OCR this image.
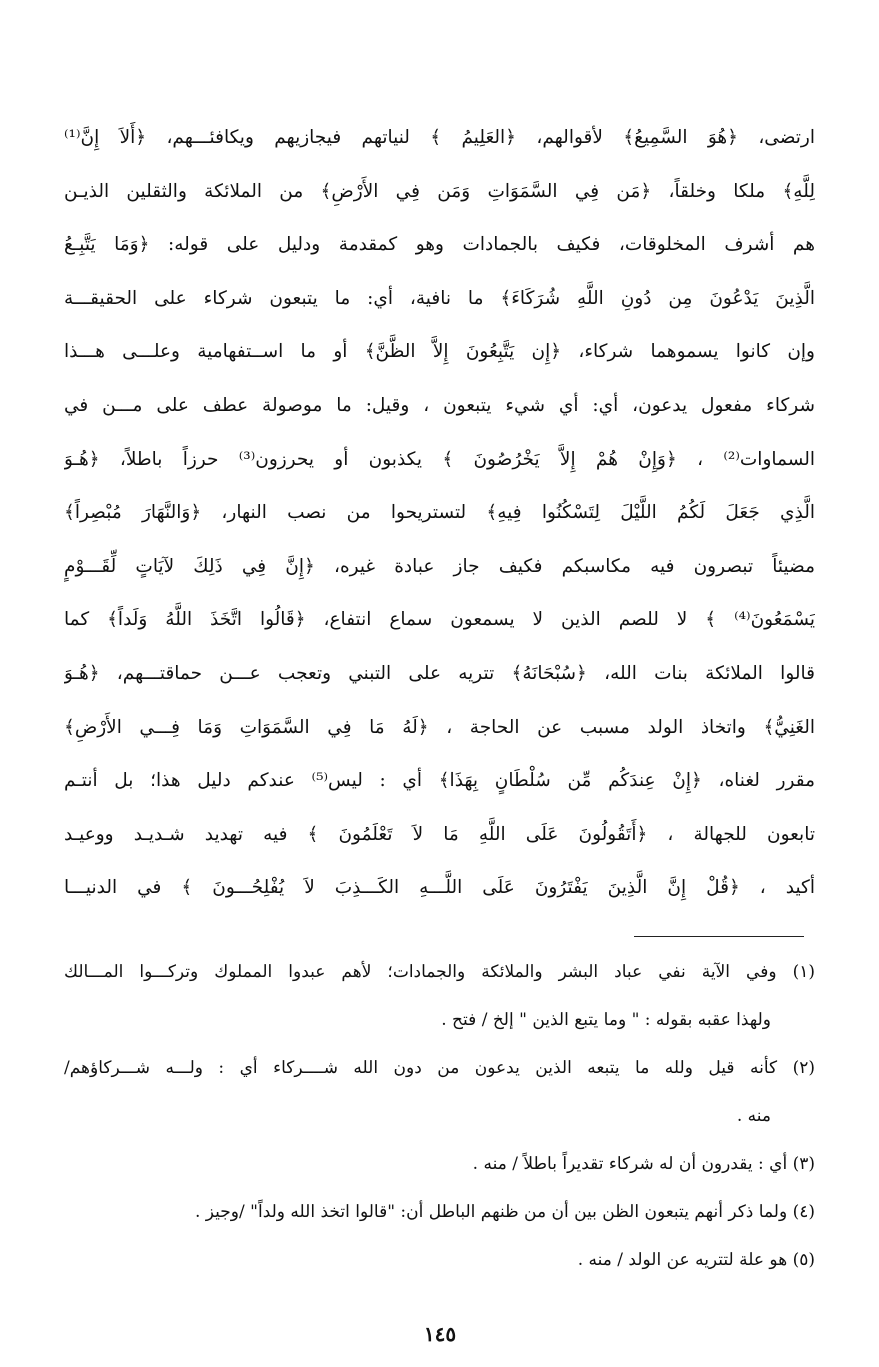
ارتضى، ﴿هُوَ السَّمِيعُ﴾ لأقوالهم، ﴿العَلِيمُ ﴾ لنياتهم فيجازيهم ويكافئـــهم، ﴿أَلاَ إِنَّ⁽¹⁾
لِلَّهِ﴾ ملكا وخلقاً، ﴿مَن فِي السَّمَوَاتِ وَمَن فِي الأَرْضِ﴾ من الملائكة والثقلين الذيـن
هم أشرف المخلوقات، فكيف بالجمادات وهو كمقدمة ودليل على قوله: ﴿وَمَا يَتَّبِـعُ
الَّذِينَ يَدْعُونَ مِن دُونِ اللَّهِ شُرَكَاءَ﴾ ما نافية، أي: ما يتبعون شركاء على الحقيقـــة
وإن كانوا يسموهما شركاء، ﴿إِن يَتَّبِعُونَ إِلاَّ الظَّنَّ﴾ أو ما اســتفهامية وعلـــى هـــذا
شركاء مفعول يدعون، أي: أي شيء يتبعون ، وقيل: ما موصولة عطف على مـــن في
السماوات⁽²⁾ ، ﴿وَإِنْ هُمْ إِلاَّ يَخْرُصُونَ ﴾ يكذبون أو يحرزون⁽³⁾ حرزاً باطلاً، ﴿هُـوَ
الَّذِي جَعَلَ لَكُمُ اللَّيْلَ لِتَسْكُنُوا فِيهِ﴾ لتستريحوا من نصب النهار، ﴿وَالنَّهَارَ مُبْصِراً﴾
مضيئاً تبصرون فيه مكاسبكم فكيف جاز عبادة غيره، ﴿إِنَّ فِي ذَلِكَ لآيَاتٍ لِّقَـــوْمٍ
يَسْمَعُونَ⁽⁴⁾ ﴾ لا للصم الذين لا يسمعون سماع انتفاع، ﴿قَالُوا اتَّخَذَ اللَّهُ وَلَداً﴾ كما
قالوا الملائكة بنات الله، ﴿سُبْحَانَهُ﴾ تتريه على التبني وتعجب عـــن حماقتـــهم، ﴿هُـوَ
الغَنِيُّ﴾ واتخاذ الولد مسبب عن الحاجة ، ﴿لَهُ مَا فِي السَّمَوَاتِ وَمَا فِـــي الأَرْضِ﴾
مقرر لغناه، ﴿إِنْ عِندَكُم مِّن سُلْطَانٍ بِهَذَا﴾ أي : ليس⁽⁵⁾ عندكم دليل هذا؛ بل أنتـم
تابعون للجهالة ، ﴿أَتَقُولُونَ عَلَى اللَّهِ مَا لاَ تَعْلَمُونَ ﴾ فيه تهديد شـديـد ووعيـد
أكيد ، ﴿قُلْ إِنَّ الَّذِينَ يَفْتَرُونَ عَلَى اللَّـــهِ الكَـــذِبَ لاَ يُفْلِحُـــونَ ﴾ في الدنيـــا
(١) وفي الآية نفي عباد البشر والملائكة والجمادات؛ لأهم عبدوا المملوك وتركـــوا المـــالك
ولهذا عقبه بقوله : " وما يتبع الذين " إلخ / فتح .
(٢) كأنه قيل ولله ما يتبعه الذين يدعون من دون الله شــــركاء أي : ولـــه شـــركاؤهم/
منه .
(٣) أي : يقدرون أن له شركاء تقديراً باطلاً / منه .
(٤) ولما ذكر أنهم يتبعون الظن بين أن من ظنهم الباطل أن: "قالوا اتخذ الله ولداً" /وجيز .
(٥) هو علة لتتريه عن الولد / منه .
١٤٥
